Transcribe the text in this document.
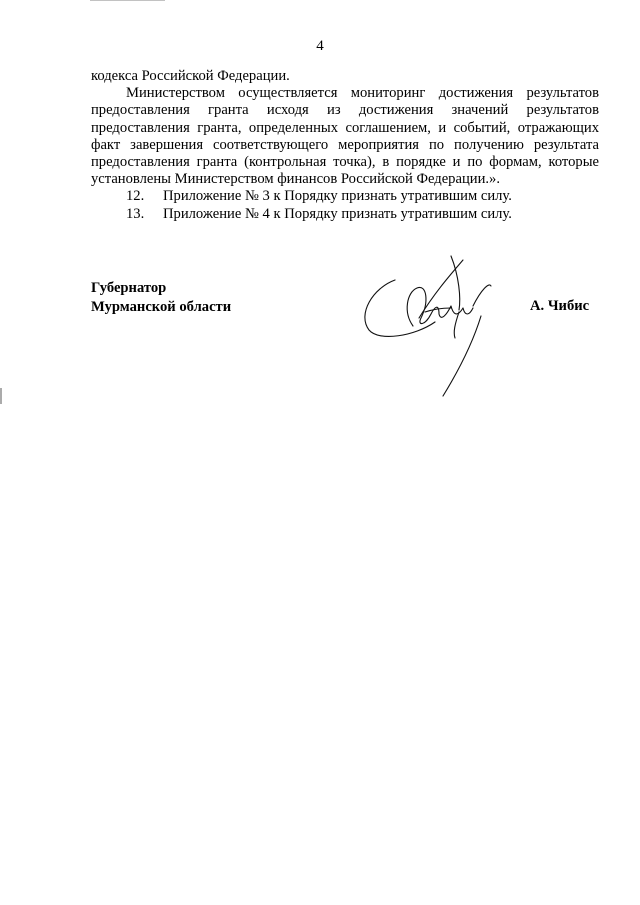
4

кодекса Российской Федерации.

Министерством осуществляется мониторинг достижения результатов предоставления гранта исходя из достижения значений результатов предоставления гранта, определенных соглашением, и событий, отражающих факт завершения соответствующего мероприятия по получению результата предоставления гранта (контрольная точка), в порядке и по формам, которые установлены Министерством финансов Российской Федерации.».

12.	Приложение № 3 к Порядку признать утратившим силу.
13.	Приложение № 4 к Порядку признать утратившим силу.
Губернатор
Мурманской области	А. Чибис
